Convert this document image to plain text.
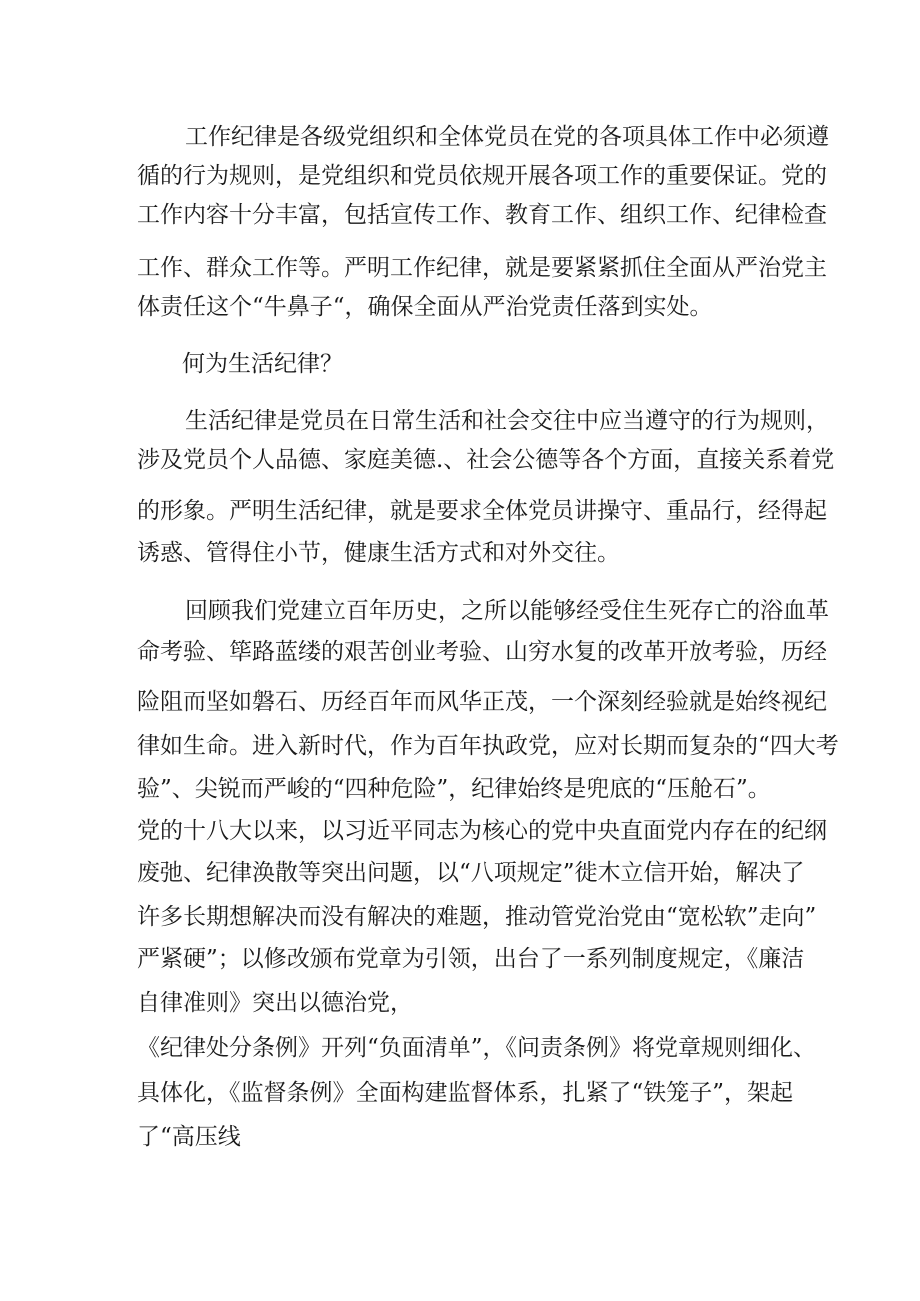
工作纪律是各级党组织和全体党员在党的各项具体工作中必须遵
循的行为规则，是党组织和党员依规开展各项工作的重要保证。党的
工作内容十分丰富，包括宣传工作、教育工作、组织工作、纪律检查
工作、群众工作等。严明工作纪律，就是要紧紧抓住全面从严治党主
体责任这个“牛鼻子“，确保全面从严治党责任落到实处。
何为生活纪律？
生活纪律是党员在日常生活和社会交往中应当遵守的行为规则，
涉及党员个人品德、家庭美德.、社会公德等各个方面，直接关系着党
的形象。严明生活纪律，就是要求全体党员讲操守、重品行，经得起
诱惑、管得住小节，健康生活方式和对外交往。
回顾我们党建立百年历史，之所以能够经受住生死存亡的浴血革
命考验、筚路蓝缕的艰苦创业考验、山穷水复的改革开放考验，历经
险阻而坚如磐石、历经百年而风华正茂，一个深刻经验就是始终视纪
律如生命。进入新时代，作为百年执政党，应对长期而复杂的“四大考
验”、尖锐而严峻的“四种危险”，纪律始终是兜底的“压舱石”。
党的十八大以来，以习近平同志为核心的党中央直面党内存在的纪纲
废弛、纪律涣散等突出问题，以“八项规定”徙木立信开始，解决了
许多长期想解决而没有解决的难题，推动管党治党由“宽松软”走向”
严紧硬”；以修改颁布党章为引领，出台了一系列制度规定，《廉洁
自律准则》突出以德治党，
《纪律处分条例》开列“负面清单”，《问责条例》将党章规则细化、
具体化，《监督条例》全面构建监督体系，扎紧了“铁笼子”，架起
了“高压线
